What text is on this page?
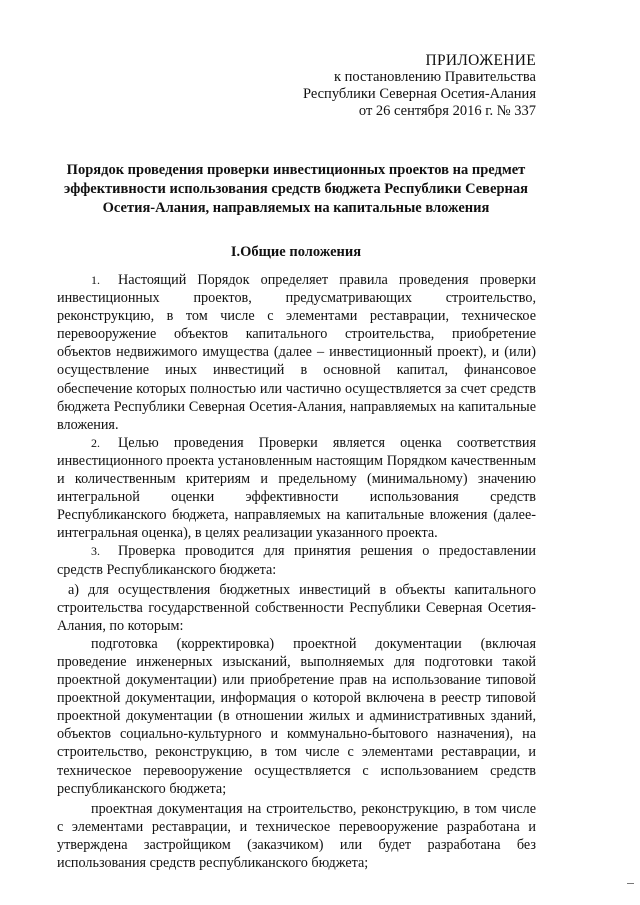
ПРИЛОЖЕНИЕ
к постановлению Правительства
Республики Северная Осетия-Алания
от 26 сентября 2016 г. № 337
Порядок проведения проверки инвестиционных проектов на предмет эффективности использования средств бюджета Республики Северная Осетия-Алания, направляемых на капитальные вложения
I.Общие положения

1. Настоящий Порядок определяет правила проведения проверки инвестиционных проектов, предусматривающих строительство, реконструкцию, в том числе с элементами реставрации, техническое перевооружение объектов капитального строительства, приобретение объектов недвижимого имущества (далее – инвестиционный проект), и (или) осуществление иных инвестиций в основной капитал, финансовое обеспечение которых полностью или частично осуществляется за счет средств бюджета Республики Северная Осетия-Алания, направляемых на капитальные вложения.

2. Целью проведения Проверки является оценка соответствия инвестиционного проекта установленным настоящим Порядком качественным и количественным критериям и предельному (минимальному) значению интегральной оценки эффективности использования средств Республиканского бюджета, направляемых на капитальные вложения (далее-интегральная оценка), в целях реализации указанного проекта.

3. Проверка проводится для принятия решения о предоставлении средств Республиканского бюджета:

а) для осуществления бюджетных инвестиций в объекты капитального строительства государственной собственности Республики Северная Осетия-Алания, по которым:

подготовка (корректировка) проектной документации (включая проведение инженерных изысканий, выполняемых для подготовки такой проектной документации) или приобретение прав на использование типовой проектной документации, информация о которой включена в реестр типовой проектной документации (в отношении жилых и административных зданий, объектов социально-культурного и коммунально-бытового назначения), на строительство, реконструкцию, в том числе с элементами реставрации, и техническое перевооружение осуществляется с использованием средств республиканского бюджета;

проектная документация на строительство, реконструкцию, в том числе с элементами реставрации, и техническое перевооружение разработана и утверждена застройщиком (заказчиком) или будет разработана без использования средств республиканского бюджета;
